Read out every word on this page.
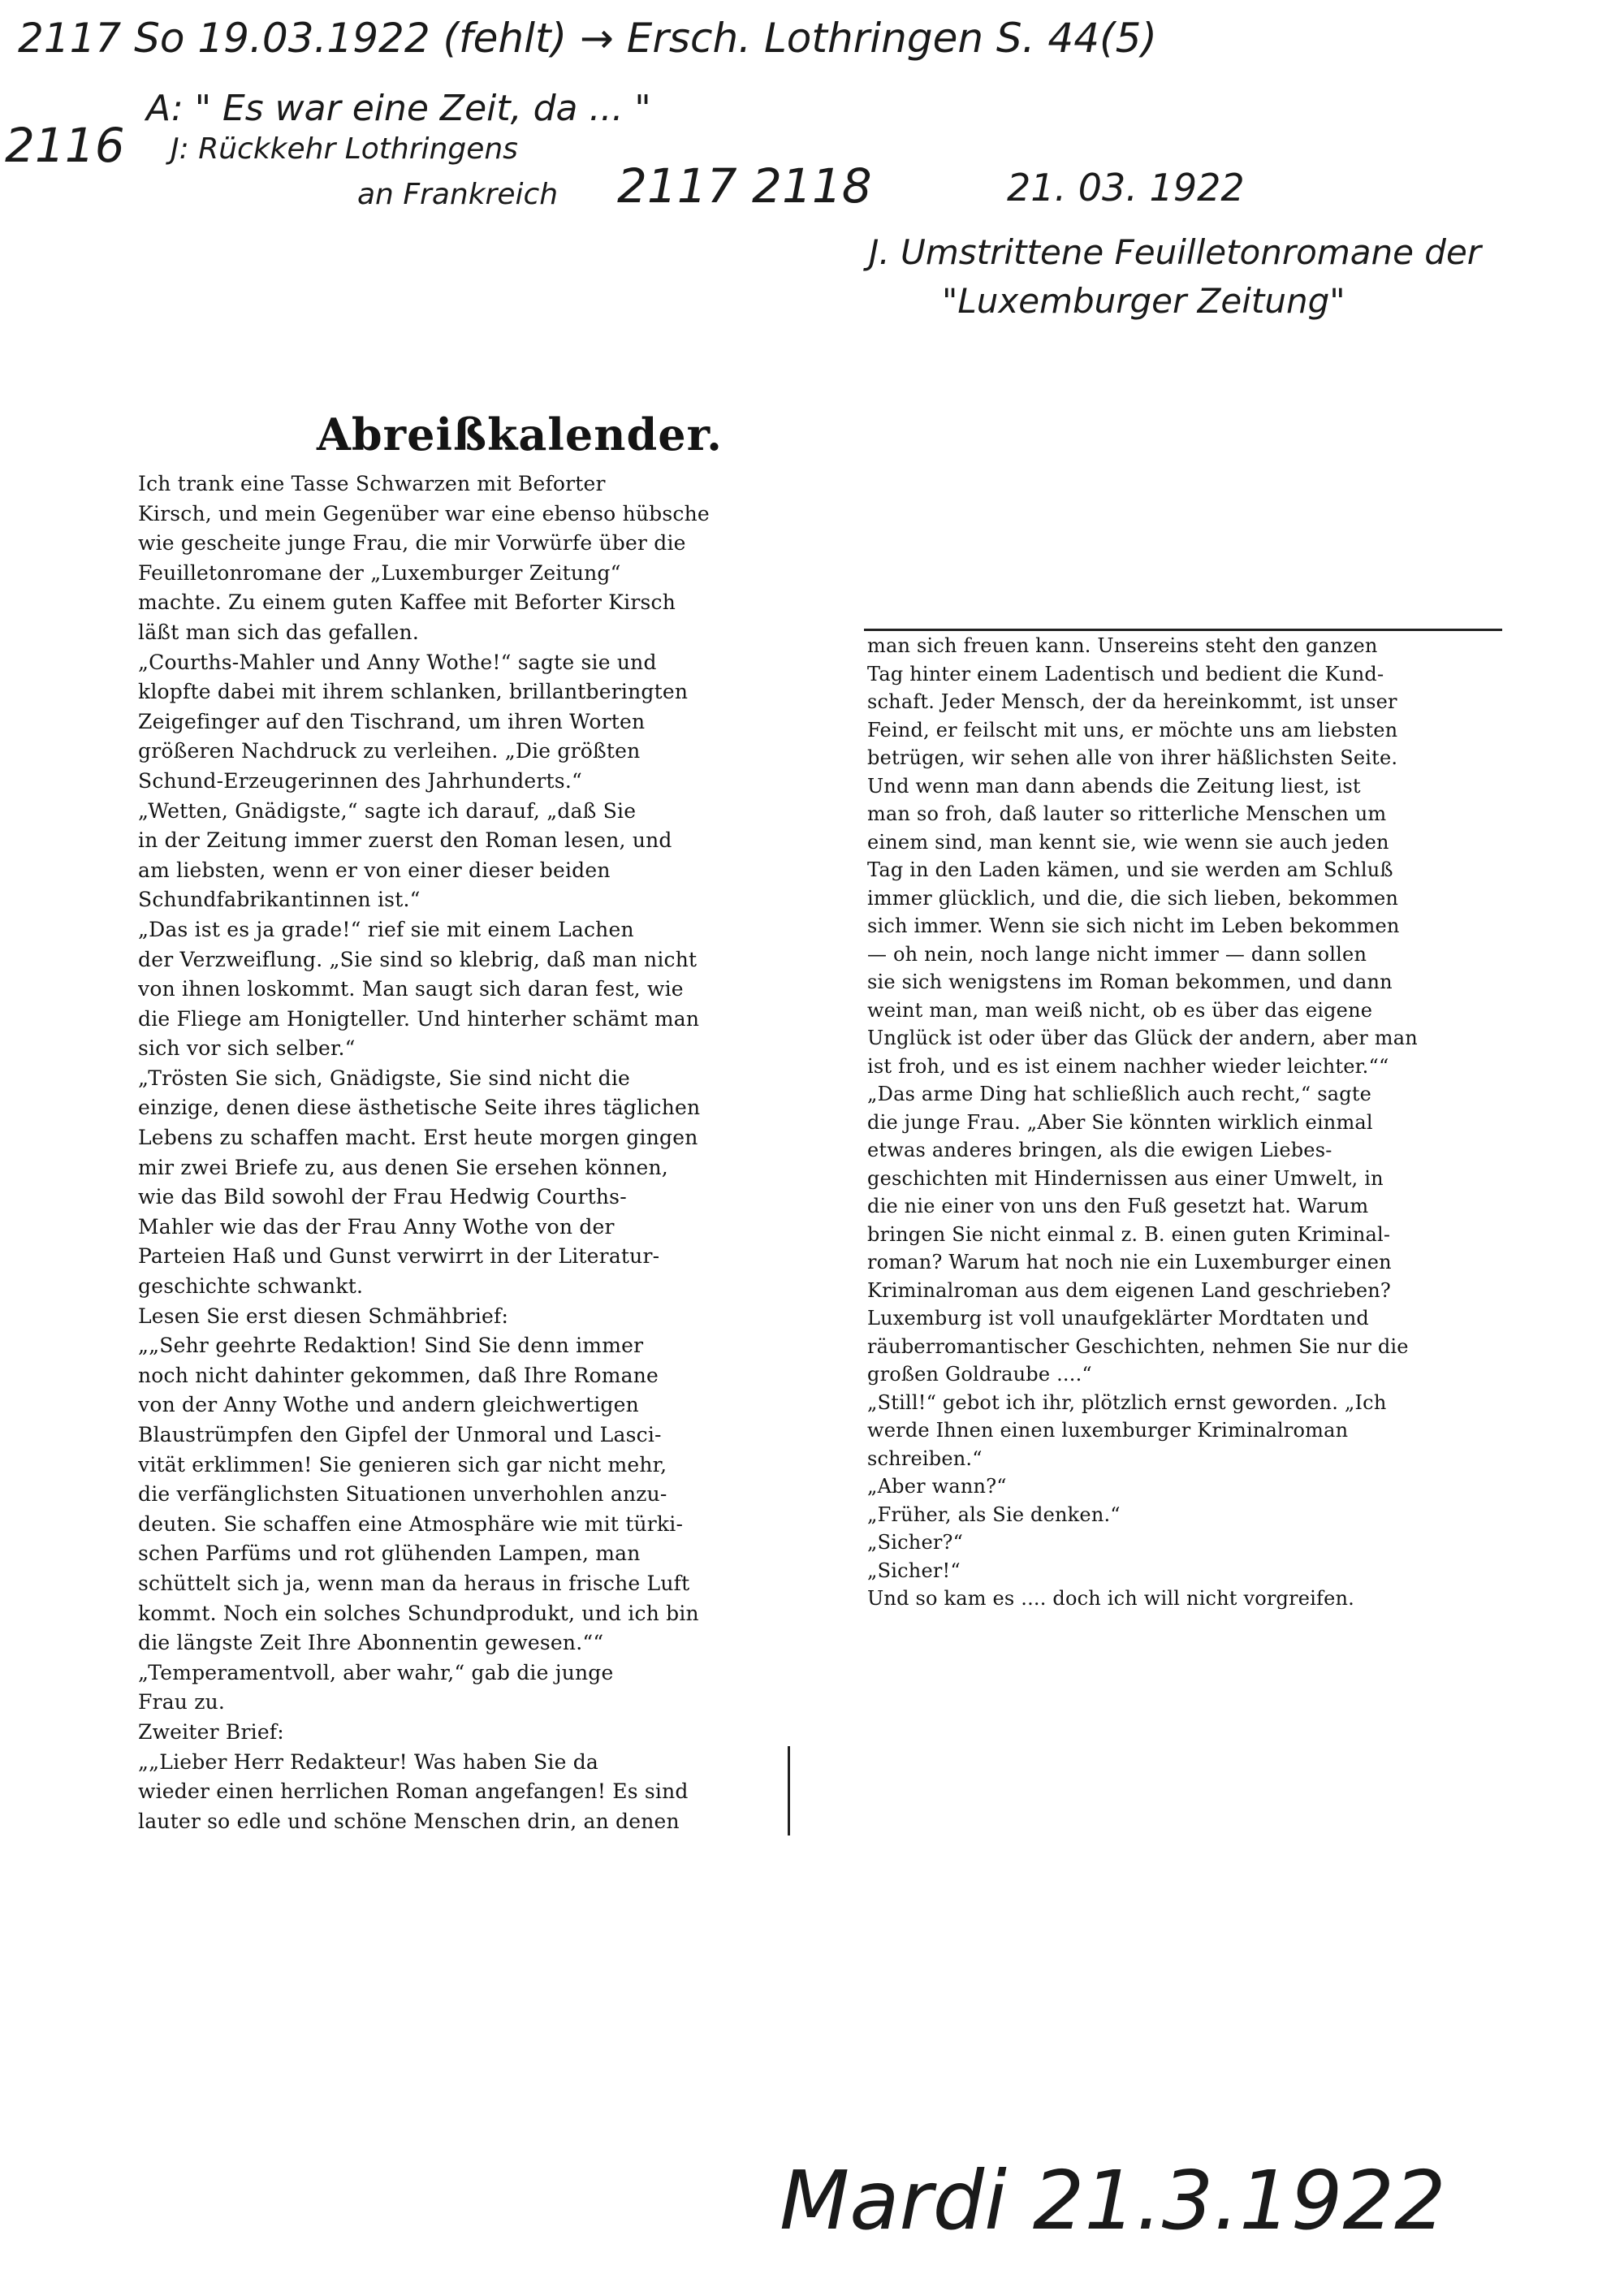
2117 So 19.03.1922 (fehlt) → Ersch. Lothringen S. 44(5)
2116
A: " Es war eine Zeit, da ... "
J: Rückkehr Lothringens
an Frankreich 2117 2118	21. 03. 1922
J. Umstrittene Feuilletonromane der
"Luxemburger Zeitung"
Mardi 21.3.1922
Abreißkalender.
Ich trank eine Tasse Schwarzen mit Beforter
Kirsch, und mein Gegenüber war eine ebenso hübsche
wie gescheite junge Frau, die mir Vorwürfe über die
Feuilletonromane der „Luxemburger Zeitung“
machte. Zu einem guten Kaffee mit Beforter Kirsch
läßt man sich das gefallen.
„Courths-Mahler und Anny Wothe!“ sagte sie und
klopfte dabei mit ihrem schlanken, brillantberingten
Zeigefinger auf den Tischrand, um ihren Worten
größeren Nachdruck zu verleihen. „Die größten
Schund-Erzeugerinnen des Jahrhunderts.“
„Wetten, Gnädigste,“ sagte ich darauf, „daß Sie
in der Zeitung immer zuerst den Roman lesen, und
am liebsten, wenn er von einer dieser beiden
Schundfabrikantinnen ist.“
„Das ist es ja grade!“ rief sie mit einem Lachen
der Verzweiflung. „Sie sind so klebrig, daß man nicht
von ihnen loskommt. Man saugt sich daran fest, wie
die Fliege am Honigteller. Und hinterher schämt man
sich vor sich selber.“
„Trösten Sie sich, Gnädigste, Sie sind nicht die
einzige, denen diese ästhetische Seite ihres täglichen
Lebens zu schaffen macht. Erst heute morgen gingen
mir zwei Briefe zu, aus denen Sie ersehen können,
wie das Bild sowohl der Frau Hedwig Courths-
Mahler wie das der Frau Anny Wothe von der
Parteien Haß und Gunst verwirrt in der Literatur-
geschichte schwankt.
Lesen Sie erst diesen Schmähbrief:
„„Sehr geehrte Redaktion! Sind Sie denn immer
noch nicht dahinter gekommen, daß Ihre Romane
von der Anny Wothe und andern gleichwertigen
Blaustrümpfen den Gipfel der Unmoral und Lasci-
vität erklimmen! Sie genieren sich gar nicht mehr,
die verfänglichsten Situationen unverhohlen anzu-
deuten. Sie schaffen eine Atmosphäre wie mit türki-
schen Parfüms und rot glühenden Lampen, man
schüttelt sich ja, wenn man da heraus in frische Luft
kommt. Noch ein solches Schundprodukt, und ich bin
die längste Zeit Ihre Abonnentin gewesen.““
„Temperamentvoll, aber wahr,“ gab die junge
Frau zu.
Zweiter Brief:
„„Lieber Herr Redakteur! Was haben Sie da
wieder einen herrlichen Roman angefangen! Es sind
lauter so edle und schöne Menschen drin, an denen
man sich freuen kann. Unsereins steht den ganzen
Tag hinter einem Ladentisch und bedient die Kund-
schaft. Jeder Mensch, der da hereinkommt, ist unser
Feind, er feilscht mit uns, er möchte uns am liebsten
betrügen, wir sehen alle von ihrer häßlichsten Seite.
Und wenn man dann abends die Zeitung liest, ist
man so froh, daß lauter so ritterliche Menschen um
einem sind, man kennt sie, wie wenn sie auch jeden
Tag in den Laden kämen, und sie werden am Schluß
immer glücklich, und die, die sich lieben, bekommen
sich immer. Wenn sie sich nicht im Leben bekommen
— oh nein, noch lange nicht immer — dann sollen
sie sich wenigstens im Roman bekommen, und dann
weint man, man weiß nicht, ob es über das eigene
Unglück ist oder über das Glück der andern, aber man
ist froh, und es ist einem nachher wieder leichter.““
„Das arme Ding hat schließlich auch recht,“ sagte
die junge Frau. „Aber Sie könnten wirklich einmal
etwas anderes bringen, als die ewigen Liebes-
geschichten mit Hindernissen aus einer Umwelt, in
die nie einer von uns den Fuß gesetzt hat. Warum
bringen Sie nicht einmal z. B. einen guten Kriminal-
roman? Warum hat noch nie ein Luxemburger einen
Kriminalroman aus dem eigenen Land geschrieben?
Luxemburg ist voll unaufgeklärter Mordtaten und
räuberromantischer Geschichten, nehmen Sie nur die
großen Goldraube ....“
„Still!“ gebot ich ihr, plötzlich ernst geworden. „Ich
werde Ihnen einen luxemburger Kriminalroman
schreiben.“
„Aber wann?“
„Früher, als Sie denken.“
„Sicher?“
„Sicher!“
Und so kam es .... doch ich will nicht vorgreifen.
